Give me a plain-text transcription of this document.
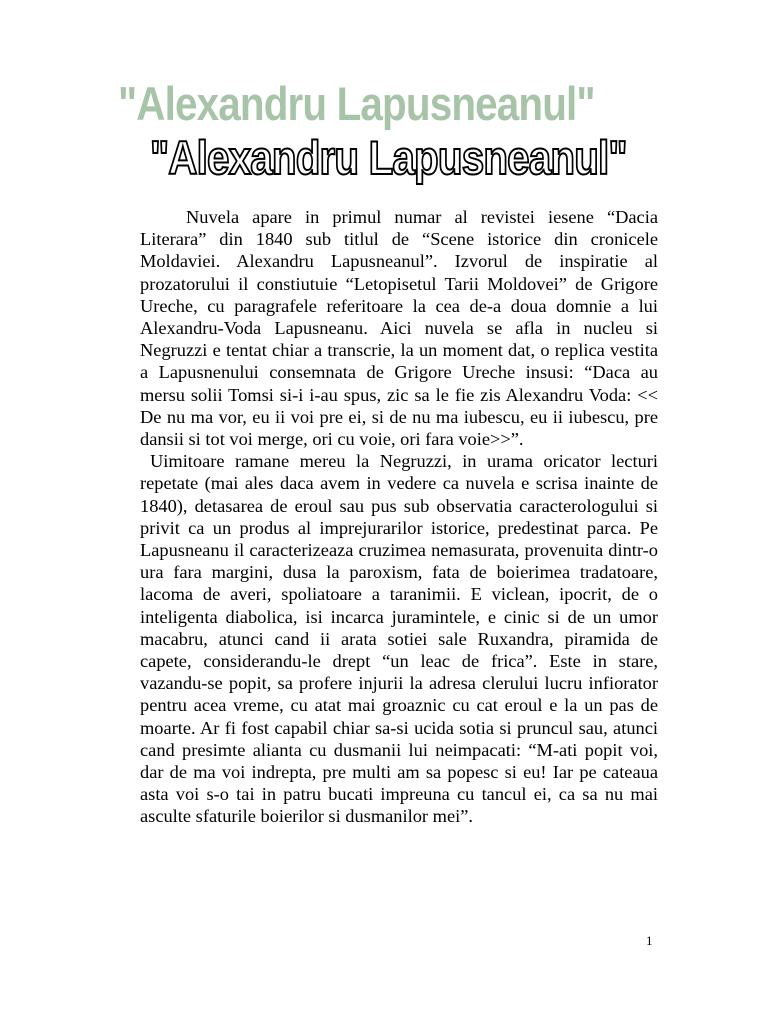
"Alexandru Lapusneanul"
"Alexandru Lapusneanul"

Nuvela apare in primul numar al revistei iesene “Dacia Literara” din 1840 sub titlul de “Scene istorice din cronicele Moldaviei. Alexandru Lapusneanul”. Izvorul de inspiratie al prozatorului il constiutuie “Letopisetul Tarii Moldovei” de Grigore Ureche, cu paragrafele referitoare la cea de-a doua domnie a lui Alexandru-Voda Lapusneanu. Aici nuvela se afla in nucleu si Negruzzi e tentat chiar a transcrie, la un moment dat, o replica vestita a Lapusnenului consemnata de Grigore Ureche insusi: “Daca au mersu solii Tomsi si-i i-au spus, zic sa le fie zis Alexandru Voda: << De nu ma vor, eu ii voi pre ei, si de nu ma iubescu, eu ii iubescu, pre dansii si tot voi merge, ori cu voie, ori fara voie>>”.

Uimitoare ramane mereu la Negruzzi, in urama oricator lecturi repetate (mai ales daca avem in vedere ca nuvela e scrisa inainte de 1840), detasarea de eroul sau pus sub observatia caracterologului si privit ca un produs al imprejurarilor istorice, predestinat parca. Pe Lapusneanu il caracterizeaza cruzimea nemasurata, provenuita dintr-o ura fara margini, dusa la paroxism, fata de boierimea tradatoare, lacoma de averi, spoliatoare a taranimii. E viclean, ipocrit, de o inteligenta diabolica, isi incarca juramintele, e cinic si de un umor macabru, atunci cand ii arata sotiei sale Ruxandra, piramida de capete, considerandu-le drept “un leac de frica”. Este in stare, vazandu-se popit, sa profere injurii la adresa clerului lucru infiorator pentru acea vreme, cu atat mai groaznic cu cat eroul e la un pas de moarte. Ar fi fost capabil chiar sa-si ucida sotia si pruncul sau, atunci cand presimte alianta cu dusmanii lui neimpacati: “M-ati popit voi, dar de ma voi indrepta, pre multi am sa popesc si eu! Iar pe cateaua asta voi s-o tai in patru bucati impreuna cu tancul ei, ca sa nu mai asculte sfaturile boierilor si dusmanilor mei”.

1
